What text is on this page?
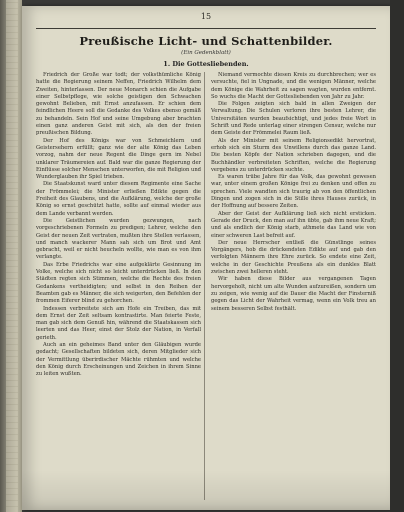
15
Preußische Licht- und Schattenbilder.
(Ein Gedenkblatt)
1. Die Gottesliebenden.

Friedrich der Große war todt; der volksthümliche König hatte die Regierung seinem Neffen, Friedrich Wilhelm dem Zweiten, hinterlassen. Der neue Monarch schien die Aufgabe einer Selbstpflege, wie solche geistigen den Schwachen gewohnt Belieben, mit Ernst anzufassen. Er schien dem feindlichen Heere soll die Gedanke des Volkes ebenso gemäß zu behandeln. Sein Hof und seine Umgebung aber brachten einen ganz anderen Geist mit sich, als den der freien preußischen Bildung.

Der Hof des Königs war von Schmeichlern und Geistersehern erfüllt; ganz wie der alte König das Leben vorzog, nahm der neue Regent die Dinge gern im Nebel unklarer Träumereien auf. Bald war die ganze Regierung der Einflüsse solcher Menschen unterworfen, die mit Religion und Wunderglauben ihr Spiel trieben.

Die Staatskunst ward unter diesem Regimente eine Sache der Frömmelei; die Minister erließen Edikte gegen die Freiheit des Glaubens, und die Aufklärung, welche der große König so ernst geschützt hatte, sollte auf einmal wieder aus dem Lande verbannt werden.

Die Geistlichen wurden gezwungen, nach vorgeschriebenen Formeln zu predigen; Lehrer, welche den Geist der neuen Zeit vertraten, mußten ihre Stellen verlassen, und manch wackerer Mann sah sich um Brot und Amt gebracht, weil er nicht heucheln wollte, wie man es von ihm verlangte.

Das Erbe Friedrichs war eine aufgeklärte Gesinnung im Volke, welche sich nicht so leicht unterdrücken ließ. In den Städten regten sich Stimmen, welche die Rechte des freien Gedankens vertheidigten; und selbst in den Reihen der Beamten gab es Männer, die sich weigerten, den Befehlen der frommen Eiferer blind zu gehorchen.

Indessen verbreitete sich am Hofe ein Treiben, das mit dem Ernst der Zeit seltsam kontrastirte. Man feierte Feste, man gab sich dem Genuß hin, während die Staatskassen sich leerten und das Heer, einst der Stolz der Nation, in Verfall gerieth.

Auch an ein geheimes Band unter den Gläubigen wurde gedacht; Gesellschaften bildeten sich, deren Mitglieder sich der Vermittlung überirdischer Mächte rühmten und welche den König durch Erscheinungen und Zeichen in ihrem Sinne zu leiten wußten.

Niemand vermochte diesen Kreis zu durchbrechen; wer es versuchte, fiel in Ungnade, und die wenigen Männer, welche dem Könige die Wahrheit zu sagen wagten, wurden entfernt. So wuchs die Macht der Gottesliebenden von Jahr zu Jahr.

Die Folgen zeigten sich bald in allen Zweigen der Verwaltung. Die Schulen verloren ihre besten Lehrer, die Universitäten wurden beaufsichtigt, und jedes freie Wort in Schrift und Rede unterlag einer strengen Censur, welche nur dem Geiste der Frömmelei Raum ließ.

Als der Minister mit seinem Religionsedikt hervortrat, erhob sich ein Sturm des Unwillens durch das ganze Land. Die besten Köpfe der Nation schrieben dagegen, und die Buchhändler verbreiteten Schriften, welche die Regierung vergebens zu unterdrücken suchte.

Es waren trübe Jahre für das Volk, das gewohnt gewesen war, unter einem großen Könige frei zu denken und offen zu sprechen. Viele wandten sich traurig ab von den öffentlichen Dingen und zogen sich in die Stille ihres Hauses zurück, in der Hoffnung auf bessere Zeiten.

Aber der Geist der Aufklärung ließ sich nicht ersticken. Gerade der Druck, den man auf ihn übte, gab ihm neue Kraft; und als endlich der König starb, athmete das Land wie von einer schweren Last befreit auf.

Der neue Herrscher entließ die Günstlinge seines Vorgängers, hob die drückendsten Edikte auf und gab den verfolgten Männern ihre Ehre zurück. So endete eine Zeit, welche in der Geschichte Preußens als ein dunkles Blatt zwischen zwei helleren steht.

Wir haben diese Bilder aus vergangenen Tagen hervorgeholt, nicht um alte Wunden aufzureißen, sondern um zu zeigen, wie wenig auf die Dauer die Macht der Finsterniß gegen das Licht der Wahrheit vermag, wenn ein Volk treu an seinem besseren Selbst festhält.
